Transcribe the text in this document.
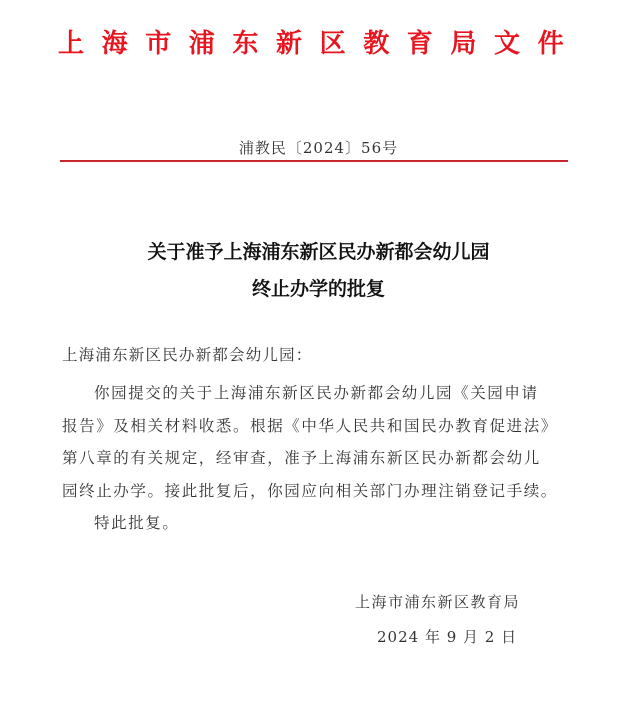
上海市浦东新区教育局文件
浦教民〔2024〕56号
关于准予上海浦东新区民办新都会幼儿园
终止办学的批复
上海浦东新区民办新都会幼儿园：

你园提交的关于上海浦东新区民办新都会幼儿园《关园申请
报告》及相关材料收悉。根据《中华人民共和国民办教育促进法》
第八章的有关规定，经审查，准予上海浦东新区民办新都会幼儿
园终止办学。接此批复后，你园应向相关部门办理注销登记手续。

特此批复。

上海市浦东新区教育局
2024 年 9 月 2 日
